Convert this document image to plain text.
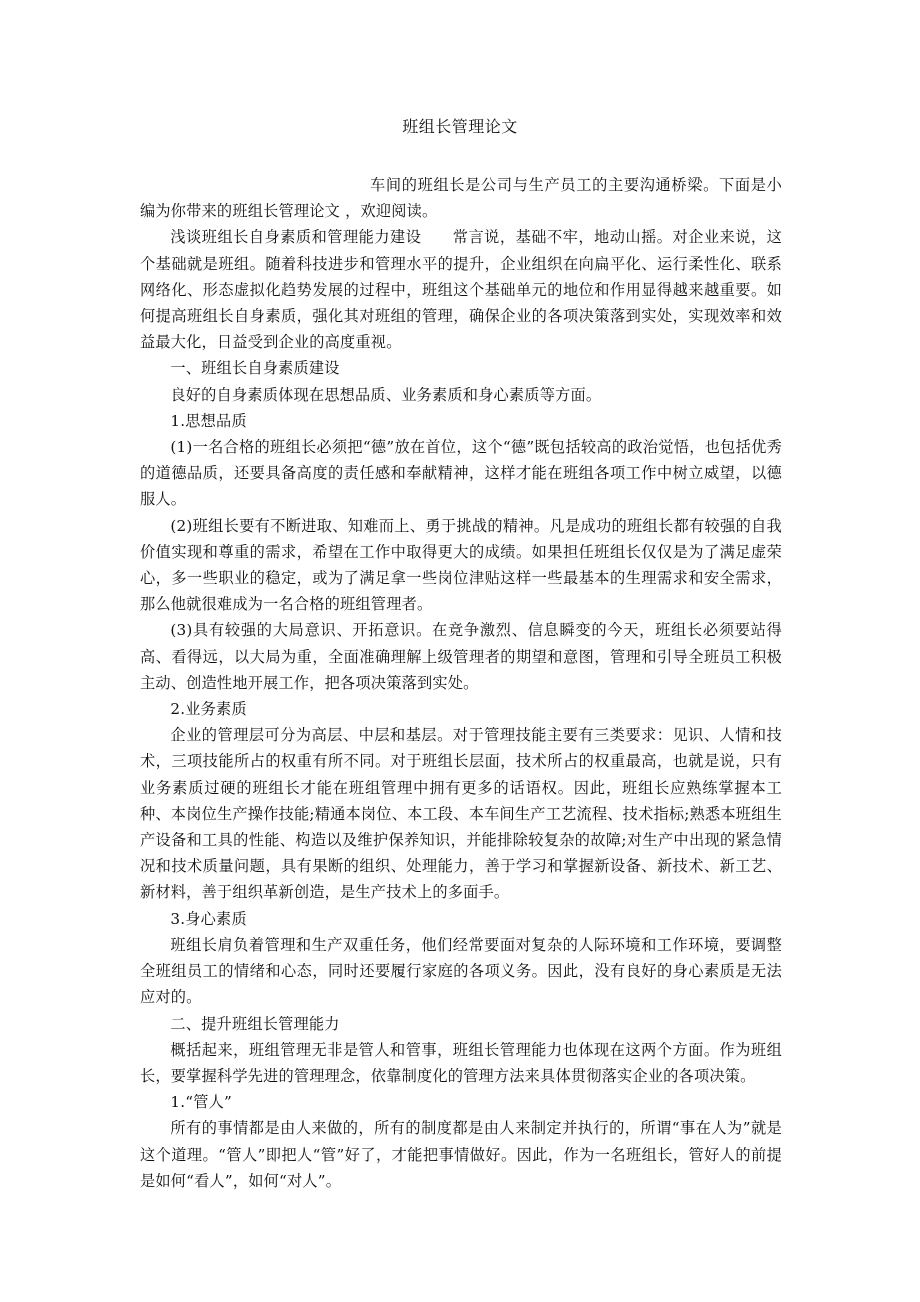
班组长管理论文

车间的班组长是公司与生产员工的主要沟通桥梁。下面是小编为你带来的班组长管理论文 ，欢迎阅读。

浅谈班组长自身素质和管理能力建设　　常言说，基础不牢，地动山摇。对企业来说，这个基础就是班组。随着科技进步和管理水平的提升，企业组织在向扁平化、运行柔性化、联系网络化、形态虚拟化趋势发展的过程中，班组这个基础单元的地位和作用显得越来越重要。如何提高班组长自身素质，强化其对班组的管理，确保企业的各项决策落到实处，实现效率和效益最大化，日益受到企业的高度重视。

一、班组长自身素质建设

良好的自身素质体现在思想品质、业务素质和身心素质等方面。

1.思想品质

(1)一名合格的班组长必须把“德”放在首位，这个“德”既包括较高的政治觉悟，也包括优秀的道德品质，还要具备高度的责任感和奉献精神，这样才能在班组各项工作中树立威望，以德服人。

(2)班组长要有不断进取、知难而上、勇于挑战的精神。凡是成功的班组长都有较强的自我价值实现和尊重的需求，希望在工作中取得更大的成绩。如果担任班组长仅仅是为了满足虚荣心，多一些职业的稳定，或为了满足拿一些岗位津贴这样一些最基本的生理需求和安全需求，那么他就很难成为一名合格的班组管理者。

(3)具有较强的大局意识、开拓意识。在竞争激烈、信息瞬变的今天，班组长必须要站得高、看得远，以大局为重，全面准确理解上级管理者的期望和意图，管理和引导全班员工积极主动、创造性地开展工作，把各项决策落到实处。

2.业务素质

企业的管理层可分为高层、中层和基层。对于管理技能主要有三类要求：见识、人情和技术，三项技能所占的权重有所不同。对于班组长层面，技术所占的权重最高，也就是说，只有业务素质过硬的班组长才能在班组管理中拥有更多的话语权。因此，班组长应熟练掌握本工种、本岗位生产操作技能;精通本岗位、本工段、本车间生产工艺流程、技术指标;熟悉本班组生产设备和工具的性能、构造以及维护保养知识，并能排除较复杂的故障;对生产中出现的紧急情况和技术质量问题，具有果断的组织、处理能力，善于学习和掌握新设备、新技术、新工艺、新材料，善于组织革新创造，是生产技术上的多面手。

3.身心素质

班组长肩负着管理和生产双重任务，他们经常要面对复杂的人际环境和工作环境，要调整全班组员工的情绪和心态，同时还要履行家庭的各项义务。因此，没有良好的身心素质是无法应对的。

二、提升班组长管理能力

概括起来，班组管理无非是管人和管事，班组长管理能力也体现在这两个方面。作为班组长，要掌握科学先进的管理理念，依靠制度化的管理方法来具体贯彻落实企业的各项决策。

1.“管人”

所有的事情都是由人来做的，所有的制度都是由人来制定并执行的，所谓“事在人为”就是这个道理。“管人”即把人“管”好了，才能把事情做好。因此，作为一名班组长，管好人的前提是如何“看人”，如何“对人”。
